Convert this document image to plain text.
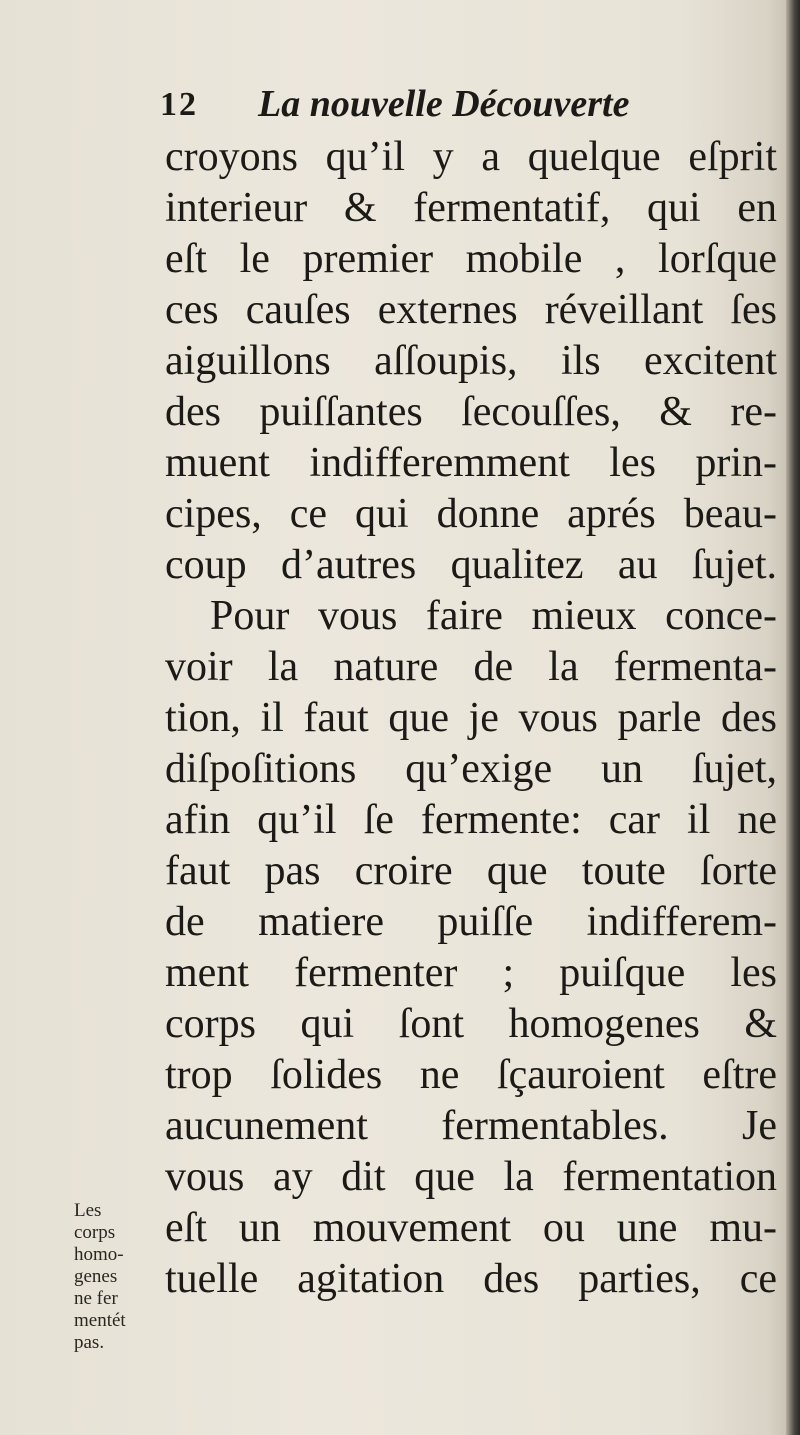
12 La nouvelle Découverte
croyons qu’il y a quelque eſprit
interieur & fermentatif, qui en
eſt le premier mobile , lorſque
ces cauſes externes réveillant ſes
aiguillons aſſoupis, ils excitent
des puiſſantes ſecouſſes, & re-
muent indifferemment les prin-
cipes, ce qui donne aprés beau-
coup d’autres qualitez au ſujet.
Pour vous faire mieux conce-
voir la nature de la fermenta-
tion, il faut que je vous parle des
diſpoſitions qu’exige un ſujet,
afin qu’il ſe fermente: car il ne
faut pas croire que toute ſorte
de matiere puiſſe indifferem-
ment fermenter ; puiſque les
corps qui ſont homogenes &
trop ſolides ne ſçauroient eſtre
aucunement fermentables. Je
vous ay dit que la fermentation
eſt un mouvement ou une mu-
tuelle agitation des parties, ce
Les
corps
homo-
genes
ne fer
mentét
pas.
